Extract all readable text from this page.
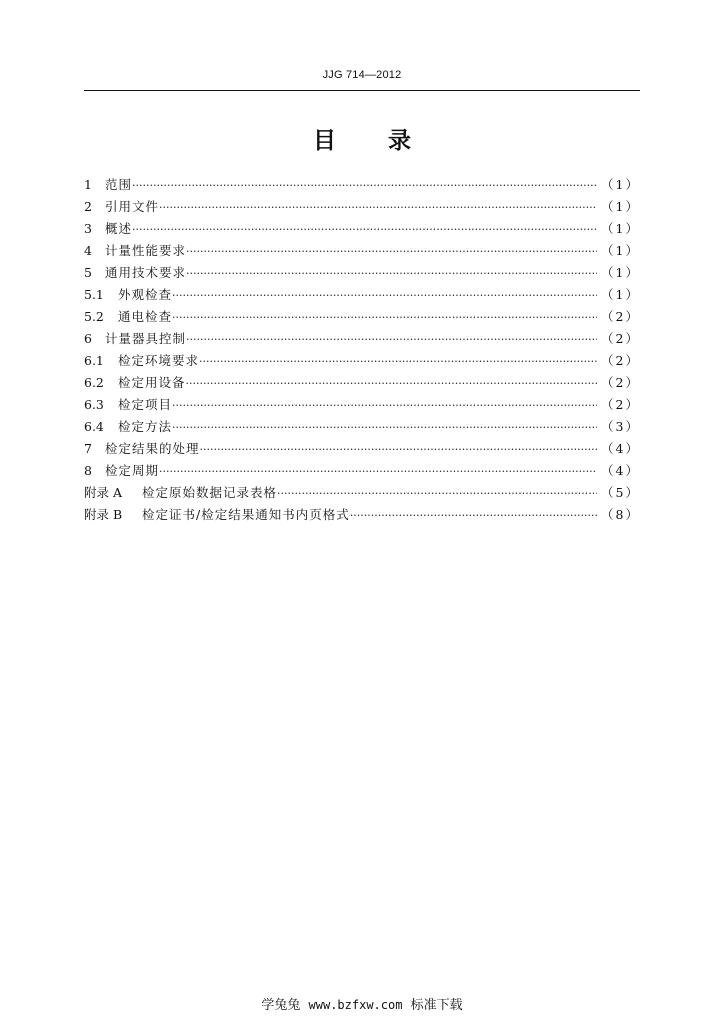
JJG 714—2012
目 录
1	范围 ·····	（1）
2	引用文件 ·····	（1）
3	概述 ·····	（1）
4	计量性能要求 ·····	（1）
5	通用技术要求 ·····	（1）
5.1	外观检查 ·····	（1）
5.2	通电检查 ·····	（2）
6	计量器具控制 ·····	（2）
6.1	检定环境要求 ·····	（2）
6.2	检定用设备 ·····	（2）
6.3	检定项目 ·····	（2）
6.4	检定方法 ·····	（3）
7	检定结果的处理 ·····	（4）
8	检定周期 ·····	（4）
附录 A	检定原始数据记录表格 ·····	（5）
附录 B	检定证书/检定结果通知书内页格式 ·····	（8）
学兔兔 www.bzfxw.com 标准下载
